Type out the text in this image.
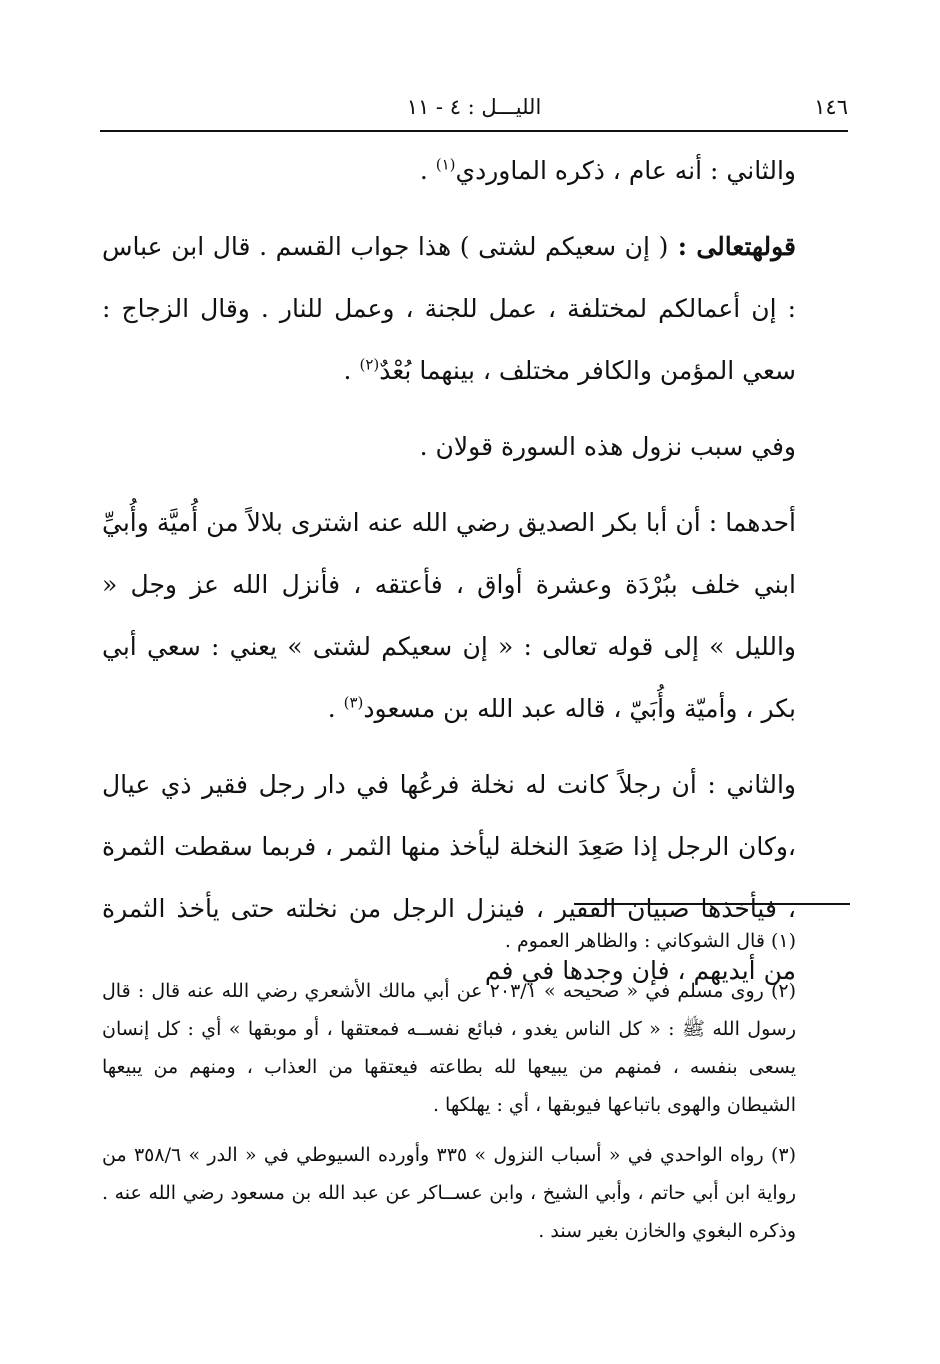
١٤٦
الليـــل : ٤ - ١١

والثاني : أنه عام ، ذكره الماوردي$^{(١)}$ .

قولهتعالى : ( إن سعيكم لشتى ) هذا جواب القسم . قال ابن عباس : إن أعمالكم لمختلفة ، عمل للجنة ، وعمل للنار . وقال الزجاج : سعي المؤمن والكافر مختلف ، بينهما بُعْدٌ$^{(٢)}$ .

وفي سبب نزول هذه السورة قولان .

أحدهما : أن أبا بكر الصديق رضي الله عنه اشترى بلالاً من أُميَّة وأُبيِّ ابني خلف ببُرْدَة وعشرة أواق ، فأعتقه ، فأنزل الله عز وجل « والليل » إلى قوله تعالى : « إن سعيكم لشتى » يعني : سعي أبي بكر ، وأميّة وأُبَيّ ، قاله عبد الله بن مسعود$^{(٣)}$ .

والثاني : أن رجلاً كانت له نخلة فرعُها في دار رجل فقير ذي عيال ،وكان الرجل إذا صَعِدَ النخلة ليأخذ منها الثمر ، فربما سقطت الثمرة ، فيأخذها صبيان الفقير ، فينزل الرجل من نخلته حتى يأخذ الثمرة من أيديهم ، فإن وجدها في فم

(١) قال الشوكاني : والظاهر العموم .

(٢) روى مسلم في « صحيحه » ٢٠٣/١ عن أبي مالك الأشعري رضي الله عنه قال : قال رسول الله ﷺ : « كل الناس يغدو ، فبائع نفســه فمعتقها ، أو موبقها » أي : كل إنسان يسعى بنفسه ، فمنهم من يبيعها لله بطاعته فيعتقها من العذاب ، ومنهم من يبيعها الشيطان والهوى باتباعها فيوبقها ، أي : يهلكها .

(٣) رواه الواحدي في « أسباب النزول » ٣٣٥ وأورده السيوطي في « الدر » ٣٥٨/٦ من رواية ابن أبي حاتم ، وأبي الشيخ ، وابن عســاكر عن عبد الله بن مسعود رضي الله عنه . وذكره البغوي والخازن بغير سند .
